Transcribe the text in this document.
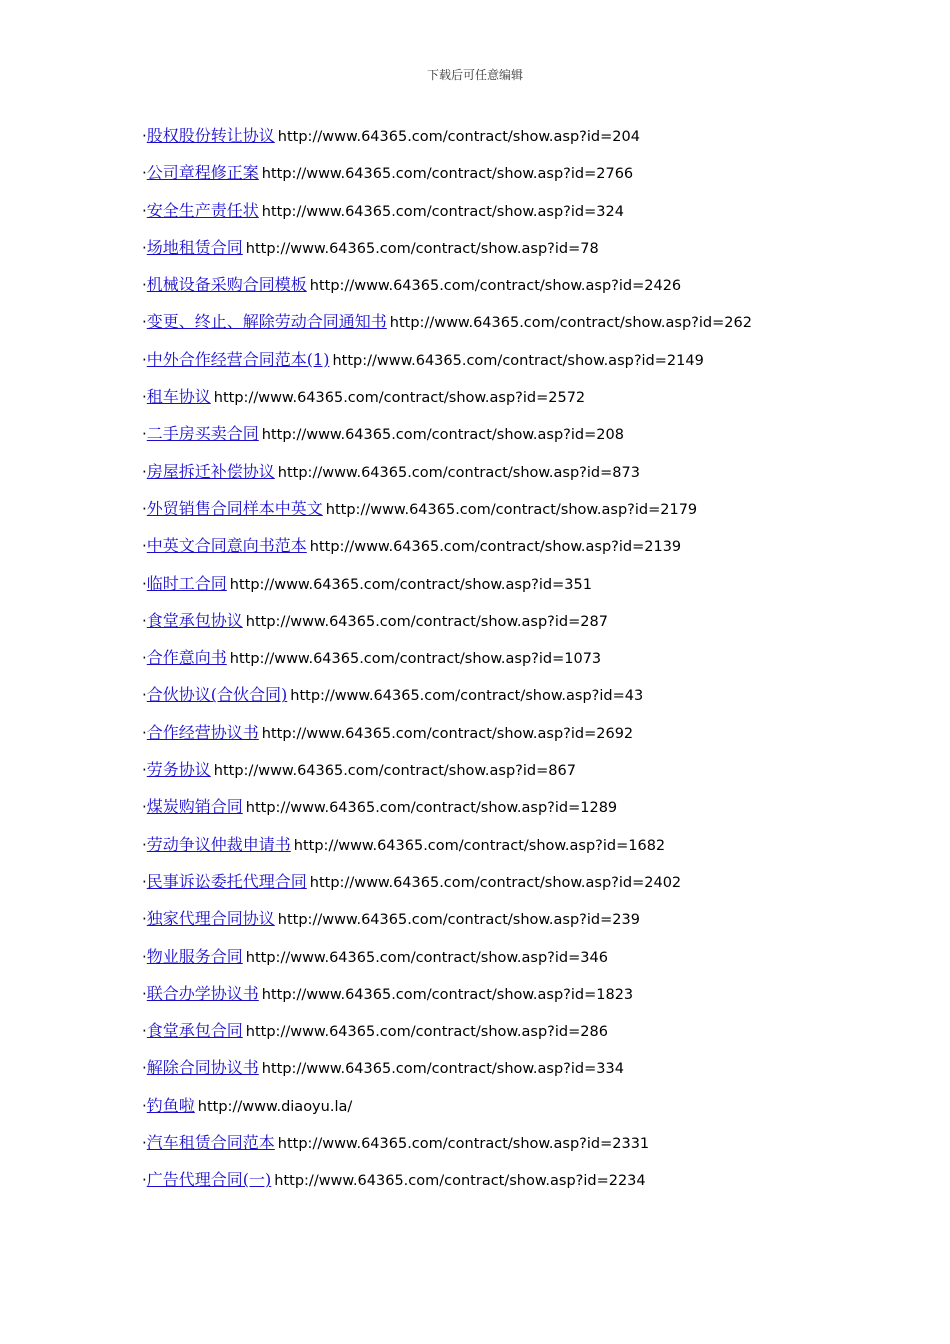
下载后可任意编辑
·股权股份转让协议 http://www.64365.com/contract/show.asp?id=204
·公司章程修正案 http://www.64365.com/contract/show.asp?id=2766
·安全生产责任状 http://www.64365.com/contract/show.asp?id=324
·场地租赁合同 http://www.64365.com/contract/show.asp?id=78
·机械设备采购合同模板 http://www.64365.com/contract/show.asp?id=2426
·变更、终止、解除劳动合同通知书 http://www.64365.com/contract/show.asp?id=262
·中外合作经营合同范本(1) http://www.64365.com/contract/show.asp?id=2149
·租车协议 http://www.64365.com/contract/show.asp?id=2572
·二手房买卖合同 http://www.64365.com/contract/show.asp?id=208
·房屋拆迁补偿协议 http://www.64365.com/contract/show.asp?id=873
·外贸销售合同样本中英文 http://www.64365.com/contract/show.asp?id=2179
·中英文合同意向书范本 http://www.64365.com/contract/show.asp?id=2139
·临时工合同 http://www.64365.com/contract/show.asp?id=351
·食堂承包协议 http://www.64365.com/contract/show.asp?id=287
·合作意向书 http://www.64365.com/contract/show.asp?id=1073
·合伙协议(合伙合同) http://www.64365.com/contract/show.asp?id=43
·合作经营协议书 http://www.64365.com/contract/show.asp?id=2692
·劳务协议 http://www.64365.com/contract/show.asp?id=867
·煤炭购销合同 http://www.64365.com/contract/show.asp?id=1289
·劳动争议仲裁申请书 http://www.64365.com/contract/show.asp?id=1682
·民事诉讼委托代理合同 http://www.64365.com/contract/show.asp?id=2402
·独家代理合同协议 http://www.64365.com/contract/show.asp?id=239
·物业服务合同 http://www.64365.com/contract/show.asp?id=346
·联合办学协议书 http://www.64365.com/contract/show.asp?id=1823
·食堂承包合同 http://www.64365.com/contract/show.asp?id=286
·解除合同协议书 http://www.64365.com/contract/show.asp?id=334
·钓鱼啦 http://www.diaoyu.la/
·汽车租赁合同范本 http://www.64365.com/contract/show.asp?id=2331
·广告代理合同(一) http://www.64365.com/contract/show.asp?id=2234
